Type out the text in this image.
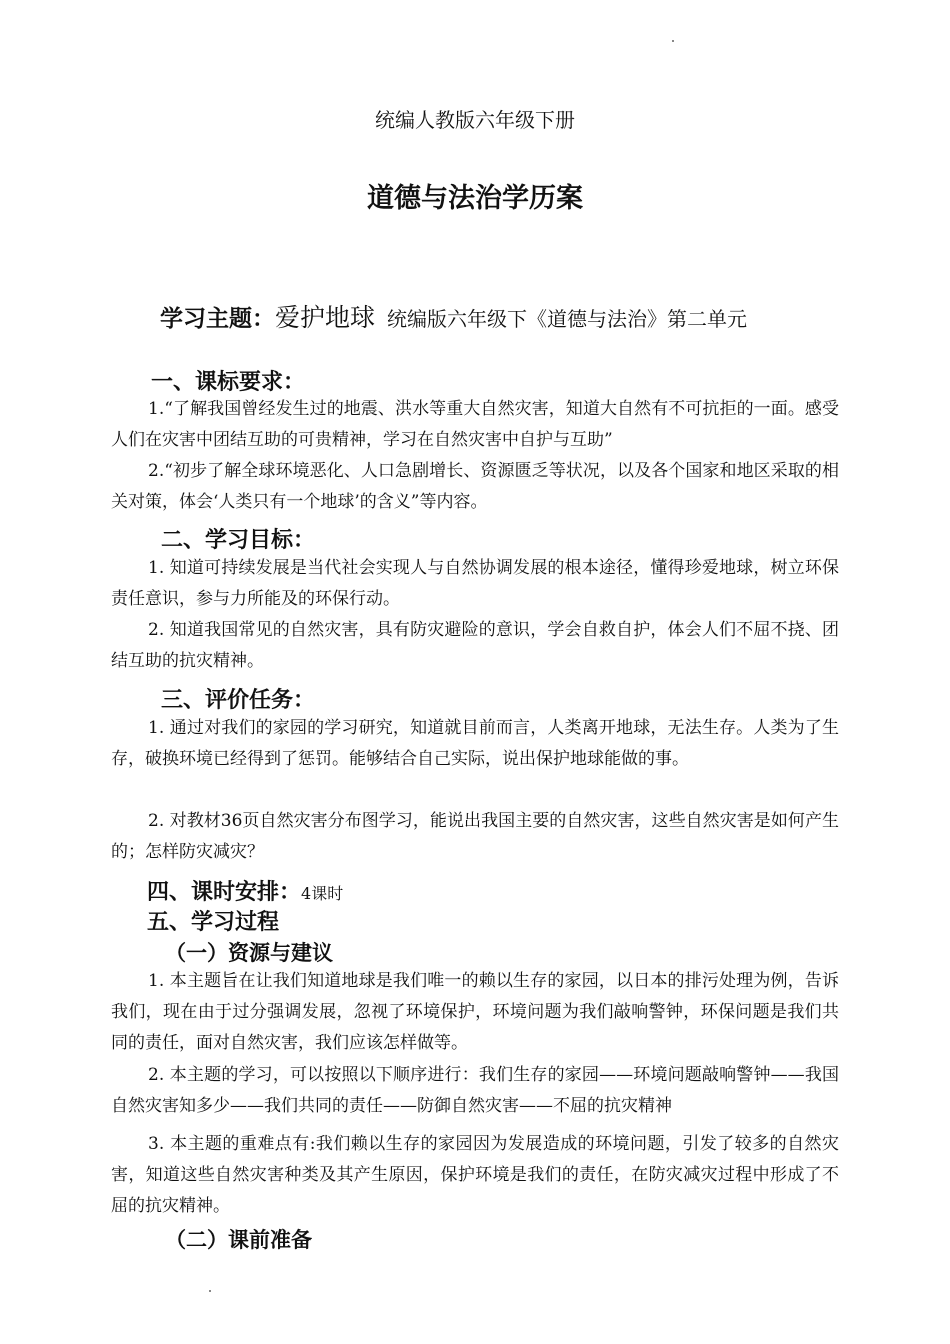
统编人教版六年级下册
道德与法治学历案
学习主题：爱护地球 统编版六年级下《道德与法治》第二单元
一、课标要求：
1.“了解我国曾经发生过的地震、洪水等重大自然灾害，知道大自然有不可抗拒的一面。感受人们在灾害中团结互助的可贵精神，学习在自然灾害中自护与互助”
2.“初步了解全球环境恶化、人口急剧增长、资源匮乏等状况，以及各个国家和地区采取的相关对策，体会‘人类只有一个地球’的含义”等内容。
二、学习目标：
1. 知道可持续发展是当代社会实现人与自然协调发展的根本途径，懂得珍爱地球，树立环保责任意识，参与力所能及的环保行动。
2. 知道我国常见的自然灾害，具有防灾避险的意识，学会自救自护，体会人们不屈不挠、团结互助的抗灾精神。
三、评价任务：
1. 通过对我们的家园的学习研究，知道就目前而言，人类离开地球，无法生存。人类为了生存，破换环境已经得到了惩罚。能够结合自己实际，说出保护地球能做的事。
2. 对教材36页自然灾害分布图学习，能说出我国主要的自然灾害，这些自然灾害是如何产生的；怎样防灾减灾？
四、课时安排：4课时
五、学习过程
（一）资源与建议
1. 本主题旨在让我们知道地球是我们唯一的赖以生存的家园，以日本的排污处理为例，告诉我们，现在由于过分强调发展，忽视了环境保护，环境问题为我们敲响警钟，环保问题是我们共同的责任，面对自然灾害，我们应该怎样做等。
2. 本主题的学习，可以按照以下顺序进行：我们生存的家园——环境问题敲响警钟——我国自然灾害知多少——我们共同的责任——防御自然灾害——不屈的抗灾精神
3. 本主题的重难点有:我们赖以生存的家园因为发展造成的环境问题，引发了较多的自然灾害，知道这些自然灾害种类及其产生原因，保护环境是我们的责任，在防灾减灾过程中形成了不屈的抗灾精神。
（二）课前准备
